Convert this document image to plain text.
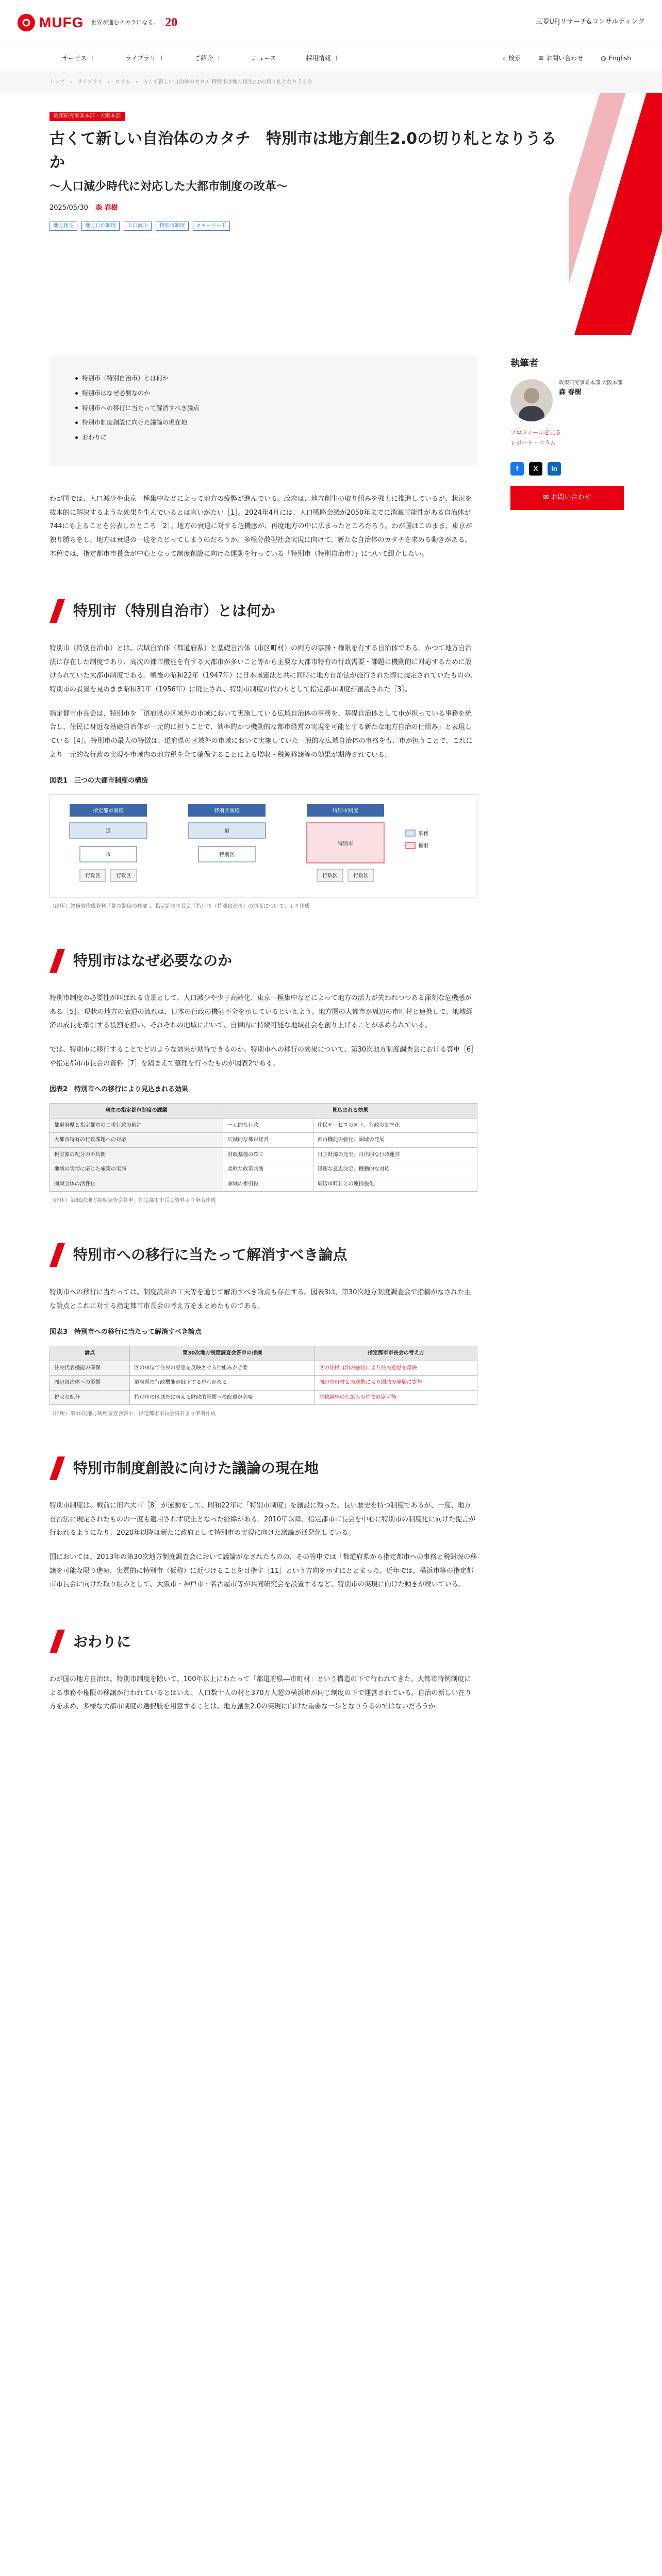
MUFG 世界が進むチカラになる。 20	三菱UFJリサーチ&コンサルティング
サービス ＋	ライブラリ ＋	ご紹介 ＋	ニュース	採用情報 ＋	⌕ 検索	✉ お問い合わせ	◍ English
トップ › ライブラリ › コラム › 古くて新しい自治体のカタチ 特別市は地方創生2.0の切り札となりうるか
政策研究事業本部・大阪本部
古くて新しい自治体のカタチ　特別市は地方創生2.0の切り札となりうるか
～人口減少時代に対応した大都市制度の改革～
2025/05/30 森 春樹
地方創生	地方自治制度	人口減少	特別市制度	#キーワード
特別市（特別自治市）とは何か
特別市はなぜ必要なのか
特別市への移行に当たって解消すべき論点
特別市制度創設に向けた議論の現在地
おわりに

わが国では、人口減少や東京一極集中などによって地方の疲弊が進んでいる。政府は、地方創生の取り組みを強力に推進しているが、状況を抜本的に解決するような効果を生んでいるとは言いがたい［1］。2024年4月には、人口戦略会議が2050年までに消滅可能性がある自治体が744にも上ることを公表したところ［2］。地方の衰退に対する危機感が、再度地方の中に広まったところだろう。わが国はこのまま、東京が独り勝ちをし、地方は衰退の一途をたどってしまうのだろうか。多極分散型社会実現に向けて、新たな自治体のカタチを求める動きがある。本稿では、指定都市市長会が中心となって制度創設に向けた運動を行っている「特別市（特別自治市）」について紹介したい。

特別市（特別自治市）とは何か

特別市（特別自治市）とは、広域自治体（都道府県）と基礎自治体（市区町村）の両方の事務・権限を有する自治体である。かつて地方自治法に存在した制度であり、高次の都市機能を有する大都市が多いこと等から主要な大都市特有の行政需要・課題に機動的に対応するために設けられていた大都市制度である。戦後の昭和22年（1947年）に日本国憲法と共に同時に地方自治法が施行された際に規定されていたものの、特別市の設置を見ぬまま昭和31年（1956年）に廃止され、特別市制度の代わりとして指定都市制度が創設された［3］。

指定都市市長会は、特別市を「道府県の区域外の市域において実施している広域自治体の事務を、基礎自治体として市が担っている事務を統合し、住民に身近な基礎自治体が一元的に担うことで、効率的かつ機動的な都市経営の実現を可能とする新たな地方自治の仕組み」と表現している［4］。特別市の最大の特徴は、道府県の区域外の市域において実施していた一般的な広域自治体の事務をも、市が担うことで、これにより一元的な行政の実現や市域内の地方税を全て確保することによる増収・税源移譲等の効果が期待されている。

図表1　三つの大都市制度の構造
指定都市制度	特別区制度	特別市制度
道	道
特別市
市	特別区
行政区	行政区	行政区	行政区
事務
権限
（出所）総務省作成資料「都市制度の概要」、指定都市市長会「特別市（特別自治市）の制度について」より作成
特別市はなぜ必要なのか

特別市制度の必要性が叫ばれる背景として、人口減少や少子高齢化、東京一極集中などによって地方の活力が失われつつある深刻な危機感がある［5］。現状の地方の衰退の流れは、日本の行政の機能不全を示しているといえよう。地方圏の大都市が周辺の市町村と連携して、地域経済の成長を牽引する役割を担い、それぞれの地域において、自律的に持続可能な地域社会を創り上げることが求められている。

では、特別市に移行することでどのような効果が期待できるのか。特別市への移行の効果について、第30次地方制度調査会における答申［6］や指定都市市長会の資料［7］を踏まえて整理を行ったものが図表2である。

図表2　特別市への移行により見込まれる効果
現在の指定都市制度の課題	見込まれる効果	
都道府県と指定都市の二重行政の解消	一元的な行政	住民サービスの向上、行政の効率化
大都市特有の行政課題への対応	広域的な都市経営	都市機能の強化、圏域の発展
税財源の配分の不均衡	財政基盤の確立	自主財源の充実、自律的な行政運営
地域の実情に応じた施策の実施	柔軟な政策判断	迅速な意思決定、機動的な対応
圏域全体の活性化	圏域の牽引役	周辺市町村との連携強化
（出所）第30次地方制度調査会答申、指定都市市長会資料より筆者作成
特別市への移行に当たって解消すべき論点

特別市への移行に当たっては、制度設計の工夫等を通じて解消すべき論点も存在する。図表3は、第30次地方制度調査会で指摘がなされた主な論点とこれに対する指定都市市長会の考え方をまとめたものである。

図表3　特別市への移行に当たって解消すべき論点
論点	第30次地方制度調査会答申の指摘	指定都市市長会の考え方
住民代表機能の確保	区の単位で住民の意思を反映させる仕組みが必要	区の住民自治の強化により住民意思を反映
周辺自治体への影響	道府県の行政機能が低下する恐れがある	周辺市町村との連携により圏域の発展に寄与
税収の配分	特別市の区域外に与える財政的影響への配慮が必要	財政調整の仕組みの中で対応可能
（出所）第30次地方制度調査会答申、指定都市市長会資料より筆者作成
特別市制度創設に向けた議論の現在地

特別市制度は、戦前に旧六大市［8］が運動をして、昭和22年に「特別市制度」を創設に残った。長い歴史を持つ制度であるが、一度、地方自治法に規定されたものの一度も適用されず廃止となった経緯がある。2010年以降、指定都市市長会を中心に特別市の制度化に向けた提言が行われるようになり、2020年以降は新たに政府として特別市の実現に向けた議論が活発化している。

国においては、2013年の第30次地方制度調査会において議論がなされたものの、その答申では「都道府県から指定都市への事務と税財源の移譲を可能な限り進め、実質的に特別市（仮称）に近づけることを目指す［11］という方向を示すにとどまった。近年では、横浜市等の指定都市市長会に向けた取り組みとして、大阪市・神戸市・名古屋市等が共同研究会を設置するなど、特別市の実現に向けた動きが続いている。

おわりに

わが国の地方自治は、特別市制度を除いて、100年以上にわたって「都道府県―市町村」という構造の下で行われてきた。大都市特例制度による事務や権限の移譲が行われているとはいえ、人口数十人の村と370万人超の横浜市が同じ制度の下で運営されている。自治の新しい在り方を求め、多様な大都市制度の選択肢を用意することは、地方創生2.0の実現に向けた重要な一歩となりうるのではないだろうか。

執筆者
政策研究事業本部 大阪本部
森 春樹
プロフィールを見る
レポート・コラム
f	X	in
✉ お問い合わせ
